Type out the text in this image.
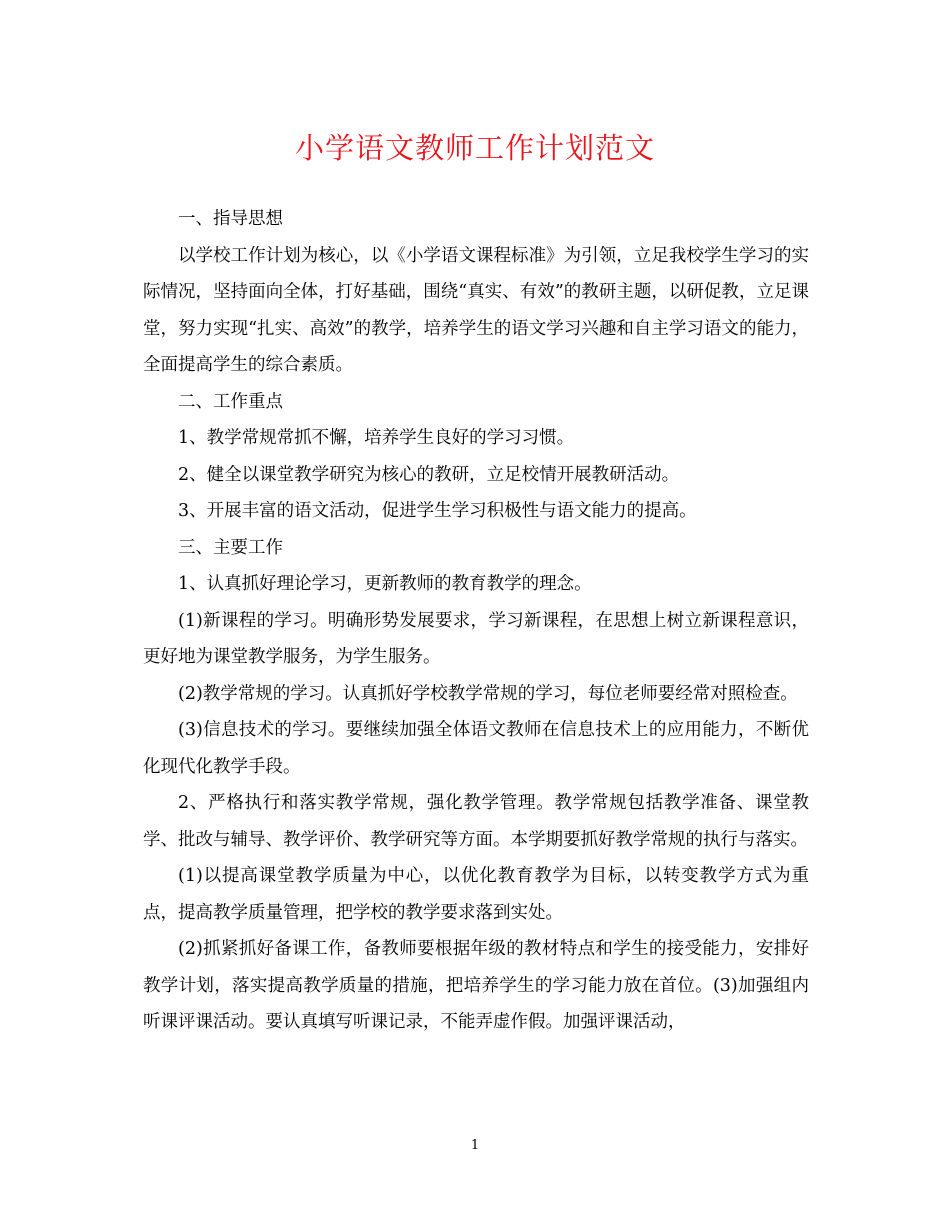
小学语文教师工作计划范文

一、指导思想

以学校工作计划为核心，以《小学语文课程标准》为引领，立足我校学生学习的实际情况，坚持面向全体，打好基础，围绕“真实、有效”的教研主题，以研促教，立足课堂，努力实现“扎实、高效”的教学，培养学生的语文学习兴趣和自主学习语文的能力，全面提高学生的综合素质。

二、工作重点

1、教学常规常抓不懈，培养学生良好的学习习惯。

2、健全以课堂教学研究为核心的教研，立足校情开展教研活动。

3、开展丰富的语文活动，促进学生学习积极性与语文能力的提高。

三、主要工作

1、认真抓好理论学习，更新教师的教育教学的理念。

(1)新课程的学习。明确形势发展要求，学习新课程，在思想上树立新课程意识，更好地为课堂教学服务，为学生服务。

(2)教学常规的学习。认真抓好学校教学常规的学习，每位老师要经常对照检查。

(3)信息技术的学习。要继续加强全体语文教师在信息技术上的应用能力，不断优化现代化教学手段。

2、严格执行和落实教学常规，强化教学管理。教学常规包括教学准备、课堂教学、批改与辅导、教学评价、教学研究等方面。本学期要抓好教学常规的执行与落实。

(1)以提高课堂教学质量为中心，以优化教育教学为目标，以转变教学方式为重点，提高教学质量管理，把学校的教学要求落到实处。

(2)抓紧抓好备课工作，备教师要根据年级的教材特点和学生的接受能力，安排好教学计划，落实提高教学质量的措施，把培养学生的学习能力放在首位。(3)加强组内听课评课活动。要认真填写听课记录，不能弄虚作假。加强评课活动，

1
